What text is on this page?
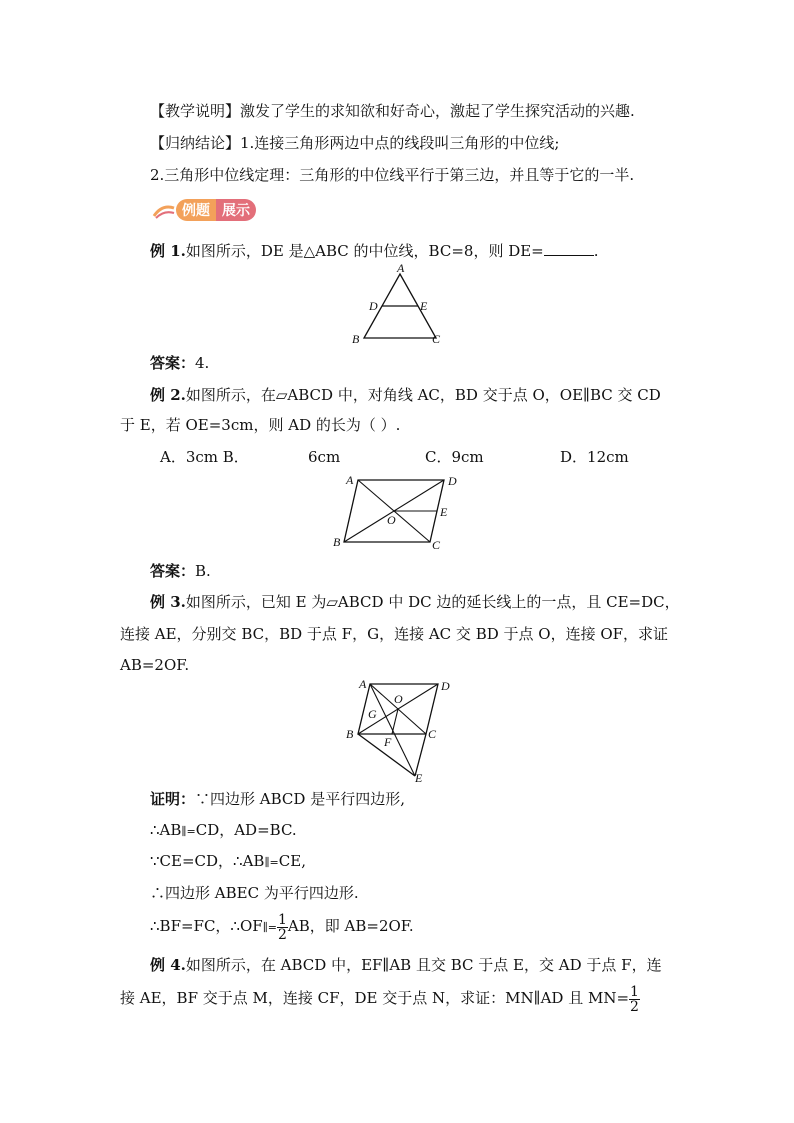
【教学说明】激发了学生的求知欲和好奇心，激起了学生探究活动的兴趣.
【归纳结论】1.连接三角形两边中点的线段叫三角形的中位线;
2.三角形中位线定理：三角形的中位线平行于第三边，并且等于它的一半.
例题 展示
例 1.如图所示，DE 是△ABC 的中位线，BC=8，则 DE=	.
A
D	E
B	C
答案：4.
例 2.如图所示，在▱ABCD 中，对角线 AC，BD 交于点 O，OE∥BC 交 CD
于 E，若 OE=3cm，则 AD 的长为（ ）.
A．3cm B．	6cm	C．9cm	D．12cm
A	D
E
O
B	C
答案：B.
例 3.如图所示，已知 E 为▱ABCD 中 DC 边的延长线上的一点，且 CE=DC，
连接 AE，分别交 BC，BD 于点 F，G，连接 AC 交 BD 于点 O，连接 OF，求证
AB=2OF.
A	D
O
G
B	C
F
E
证明：∵四边形 ABCD 是平行四边形,
∴AB∥=CD，AD=BC.
∵CE=CD，∴AB∥=CE,
∴四边形 ABEC 为平行四边形.
∴BF=FC，∴OF∥= $\frac{1}{2}$ AB，即 AB=2OF.
例 4.如图所示，在 ABCD 中，EF∥AB 且交 BC 于点 E，交 AD 于点 F，连
接 AE，BF 交于点 M，连接 CF，DE 交于点 N，求证：MN∥AD 且 $MN= \frac{1}{2}$
